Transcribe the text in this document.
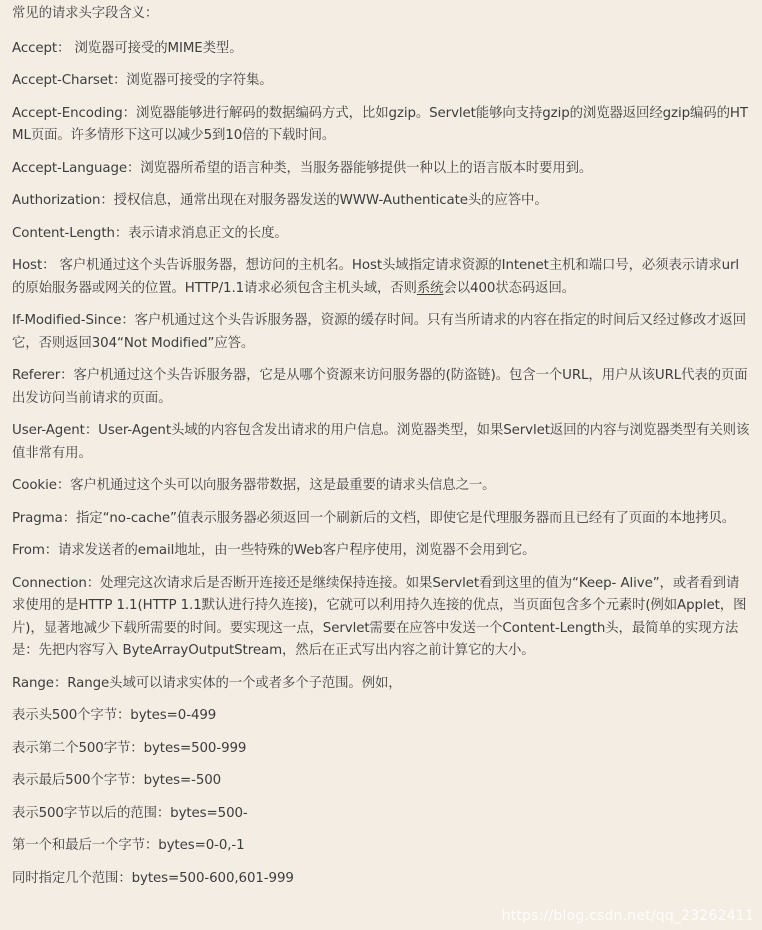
常见的请求头字段含义：

Accept： 浏览器可接受的MIME类型。

Accept-Charset：浏览器可接受的字符集。

Accept-Encoding：浏览器能够进行解码的数据编码方式，比如gzip。Servlet能够向支持gzip的浏览器返回经gzip编码的HTML页面。许多情形下这可以减少5到10倍的下载时间。

Accept-Language：浏览器所希望的语言种类，当服务器能够提供一种以上的语言版本时要用到。

Authorization：授权信息，通常出现在对服务器发送的WWW-Authenticate头的应答中。

Content-Length：表示请求消息正文的长度。

Host： 客户机通过这个头告诉服务器，想访问的主机名。Host头域指定请求资源的Intenet主机和端口号，必须表示请求url的原始服务器或网关的位置。HTTP/1.1请求必须包含主机头域，否则系统会以400状态码返回。

If-Modified-Since：客户机通过这个头告诉服务器，资源的缓存时间。只有当所请求的内容在指定的时间后又经过修改才返回它，否则返回304“Not Modified”应答。

Referer：客户机通过这个头告诉服务器，它是从哪个资源来访问服务器的(防盗链)。包含一个URL，用户从该URL代表的页面出发访问当前请求的页面。

User-Agent：User-Agent头域的内容包含发出请求的用户信息。浏览器类型，如果Servlet返回的内容与浏览器类型有关则该值非常有用。

Cookie：客户机通过这个头可以向服务器带数据，这是最重要的请求头信息之一。

Pragma：指定“no-cache”值表示服务器必须返回一个刷新后的文档，即使它是代理服务器而且已经有了页面的本地拷贝。

From：请求发送者的email地址，由一些特殊的Web客户程序使用，浏览器不会用到它。

Connection：处理完这次请求后是否断开连接还是继续保持连接。如果Servlet看到这里的值为“Keep- Alive”，或者看到请求使用的是HTTP 1.1(HTTP 1.1默认进行持久连接)，它就可以利用持久连接的优点，当页面包含多个元素时(例如Applet，图片)，显著地减少下载所需要的时间。要实现这一点，Servlet需要在应答中发送一个Content-Length头，最简单的实现方法是：先把内容写入 ByteArrayOutputStream，然后在正式写出内容之前计算它的大小。

Range：Range头域可以请求实体的一个或者多个子范围。例如，

表示头500个字节：bytes=0-499

表示第二个500字节：bytes=500-999

表示最后500个字节：bytes=-500

表示500字节以后的范围：bytes=500-

第一个和最后一个字节：bytes=0-0,-1

同时指定几个范围：bytes=500-600,601-999

https://blog.csdn.net/qq_23262411
